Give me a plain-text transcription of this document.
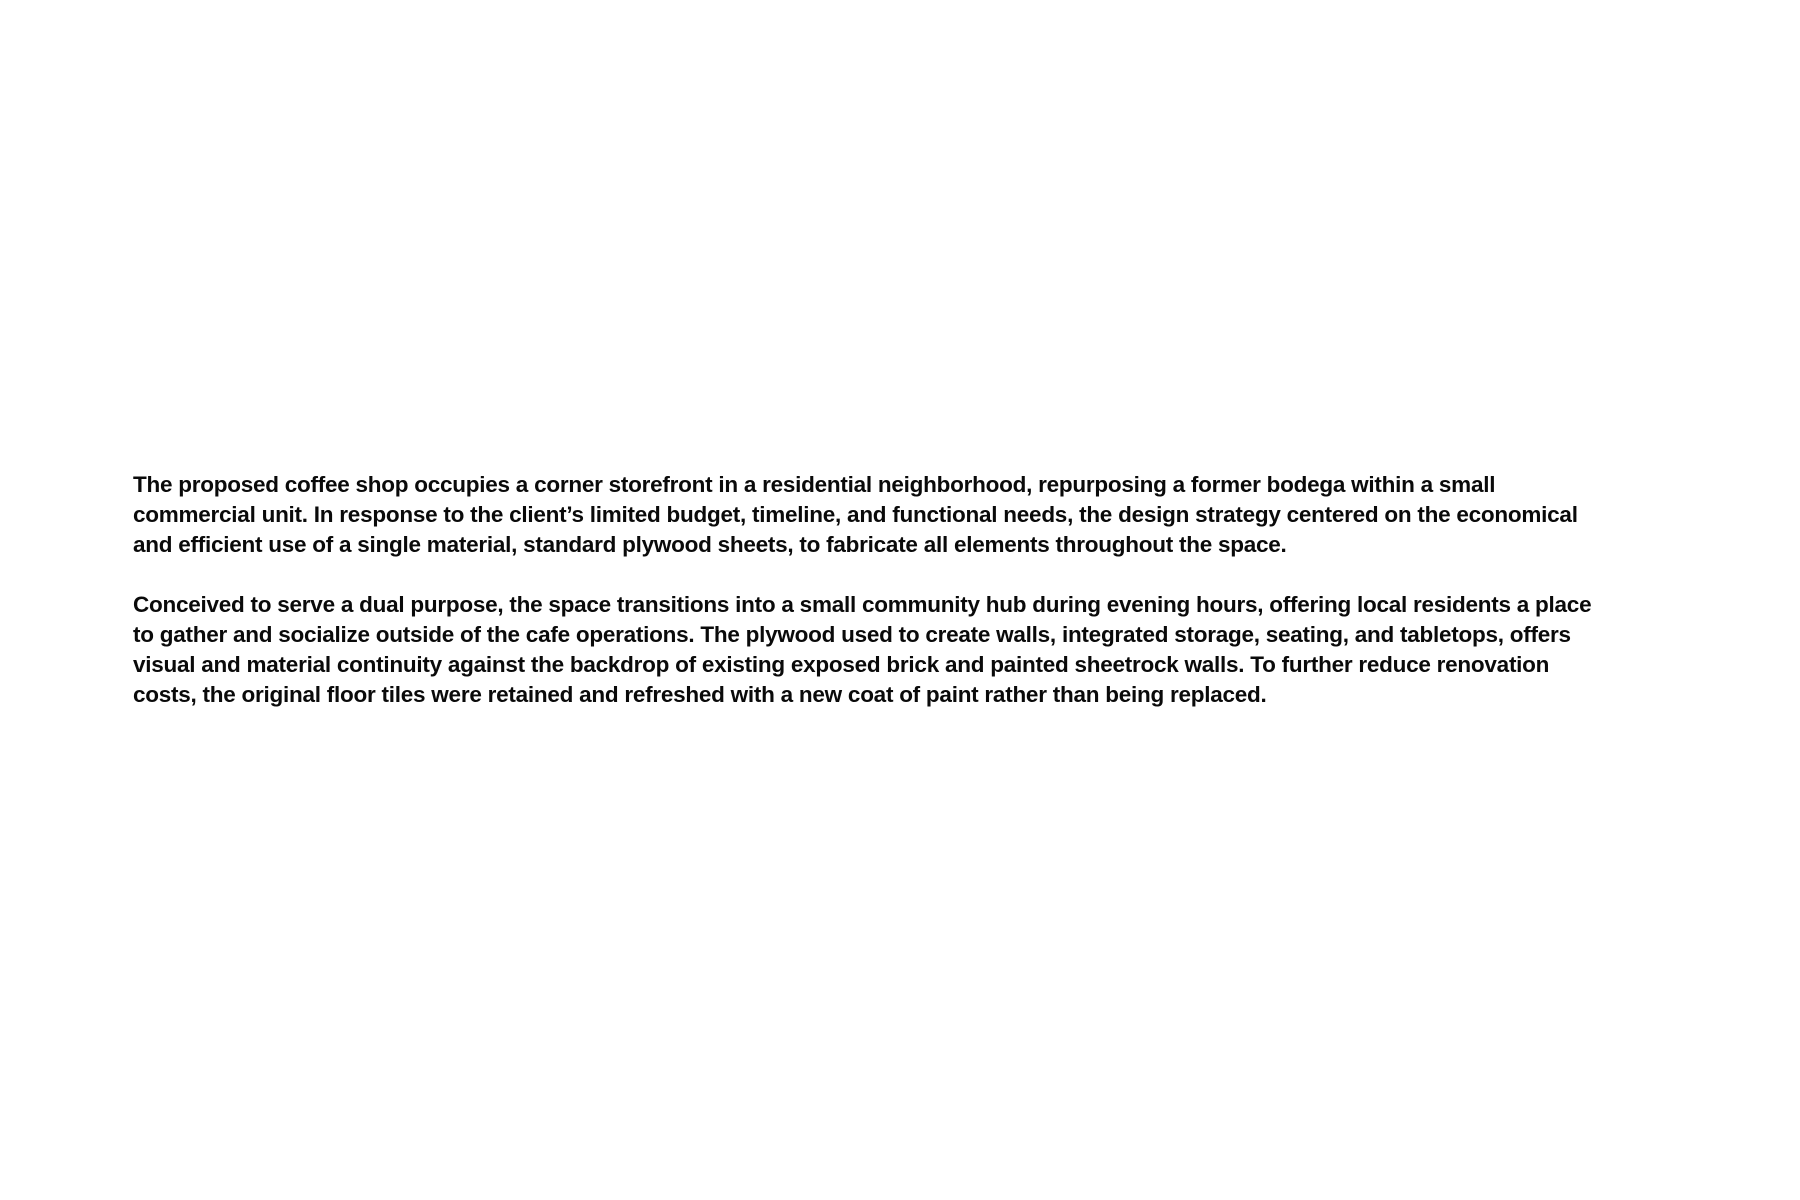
The proposed coffee shop occupies a corner storefront in a residential neighborhood, repurposing a former bodega within a small
commercial unit. In response to the client’s limited budget, timeline, and functional needs, the design strategy centered on the economical
and efficient use of a single material, standard plywood sheets, to fabricate all elements throughout the space.

Conceived to serve a dual purpose, the space transitions into a small community hub during evening hours, offering local residents a place
to gather and socialize outside of the cafe operations. The plywood used to create walls, integrated storage, seating, and tabletops, offers
visual and material continuity against the backdrop of existing exposed brick and painted sheetrock walls. To further reduce renovation
costs, the original floor tiles were retained and refreshed with a new coat of paint rather than being replaced.
